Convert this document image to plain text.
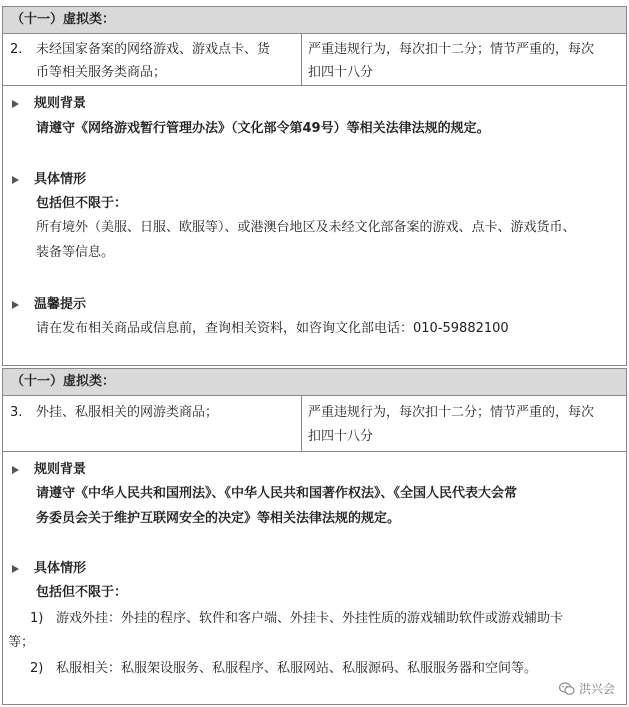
（十一）虚拟类：
2. 未经国家备案的网络游戏、游戏点卡、货
币等相关服务类商品；
严重违规行为，每次扣十二分；情节严重的，每次
扣四十八分
规则背景
请遵守《网络游戏暂行管理办法》（文化部令第49号）等相关法律法规的规定。
具体情形
包括但不限于：
所有境外（美服、日服、欧服等）、或港澳台地区及未经文化部备案的游戏、点卡、游戏货币、
装备等信息。
温馨提示
请在发布相关商品或信息前，查询相关资料，如咨询文化部电话：010-59882100
（十一）虚拟类：
3. 外挂、私服相关的网游类商品；	严重违规行为，每次扣十二分；情节严重的，每次
扣四十八分
规则背景
请遵守《中华人民共和国刑法》、《中华人民共和国著作权法》、《全国人民代表大会常
务委员会关于维护互联网安全的决定》等相关法律法规的规定。
具体情形
包括但不限于：
1) 游戏外挂：外挂的程序、软件和客户端、外挂卡、外挂性质的游戏辅助软件或游戏辅助卡
等；
2) 私服相关：私服架设服务、私服程序、私服网站、私服源码、私服服务器和空间等。
洪兴会
